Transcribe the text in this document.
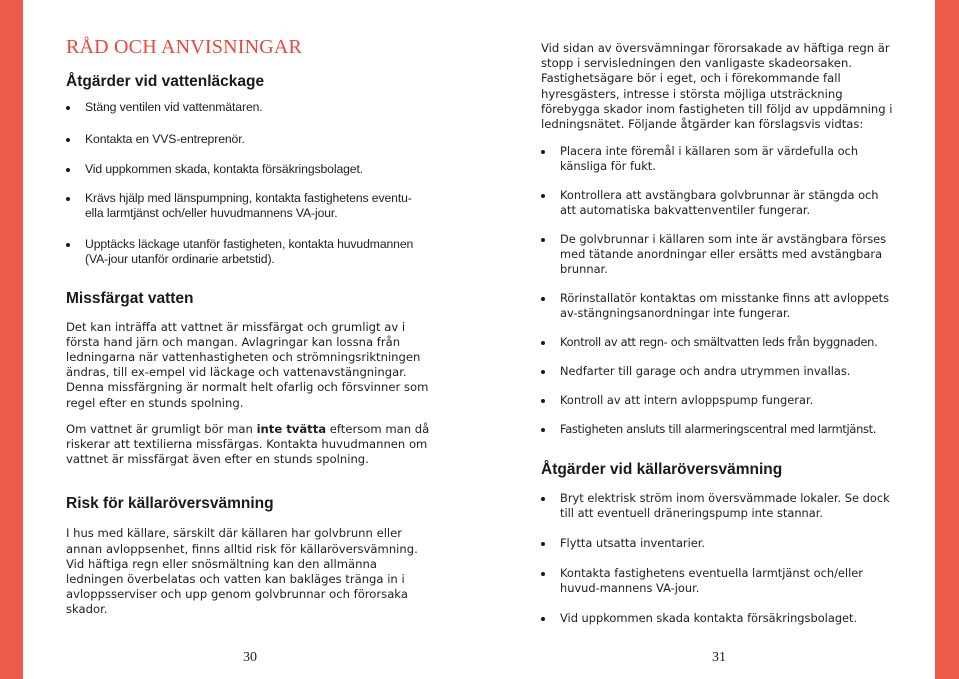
RÅD OCH ANVISNINGAR
Åtgärder vid vattenläckage
Stäng ventilen vid vattenmätaren.
Kontakta en VVS-entreprenör.
Vid uppkommen skada, kontakta försäkringsbolaget.
Krävs hjälp med länspumpning, kontakta fastighetens eventu-
ella larmtjänst och/eller huvudmannens VA-jour.
Upptäcks läckage utanför fastigheten, kontakta huvudmannen
(VA-jour utanför ordinarie arbetstid).
Missfärgat vatten

Det kan inträffa att vattnet är missfärgat och grumligt av i första hand järn och mangan. Avlagringar kan lossna från ledningarna när vattenhastigheten och strömningsriktningen ändras, till ex-empel vid läckage och vattenavstängningar. Denna missfärgning är normalt helt ofarlig och försvinner som regel efter en stunds spolning.

Om vattnet är grumligt bör man inte tvätta eftersom man då riskerar att textilierna missfärgas. Kontakta huvudmannen om vattnet är missfärgat även efter en stunds spolning.

Risk för källaröversvämning

I hus med källare, särskilt där källaren har golvbrunn eller annan avloppsenhet, finns alltid risk för källaröversvämning. Vid häftiga regn eller snösmältning kan den allmänna ledningen överbelatas och vatten kan bakläges tränga in i avloppsserviser och upp genom golvbrunnar och förorsaka skador.

30

Vid sidan av översvämningar förorsakade av häftiga regn är stopp i servisledningen den vanligaste skadeorsaken. Fastighetsägare bör i eget, och i förekommande fall hyresgästers, intresse i största möjliga utsträckning förebygga skador inom fastigheten till följd av uppdämning i ledningsnätet. Följande åtgärder kan förslagsvis vidtas:

Placera inte föremål i källaren som är värdefulla och känsliga för fukt.
Kontrollera att avstängbara golvbrunnar är stängda och att automatiska bakvattenventiler fungerar.
De golvbrunnar i källaren som inte är avstängbara förses med tätande anordningar eller ersätts med avstängbara brunnar.
Rörinstallatör kontaktas om misstanke finns att avloppets av-stängningsanordningar inte fungerar.
Kontroll av att regn- och smältvatten leds från byggnaden.
Nedfarter till garage och andra utrymmen invallas.
Kontroll av att intern avloppspump fungerar.
Fastigheten ansluts till alarmeringscentral med larmtjänst.
Åtgärder vid källaröversvämning
Bryt elektrisk ström inom översvämmade lokaler. Se dock till att eventuell dräneringspump inte stannar.
Flytta utsatta inventarier.
Kontakta fastighetens eventuella larmtjänst och/eller huvud-mannens VA-jour.
Vid uppkommen skada kontakta försäkringsbolaget.
31
